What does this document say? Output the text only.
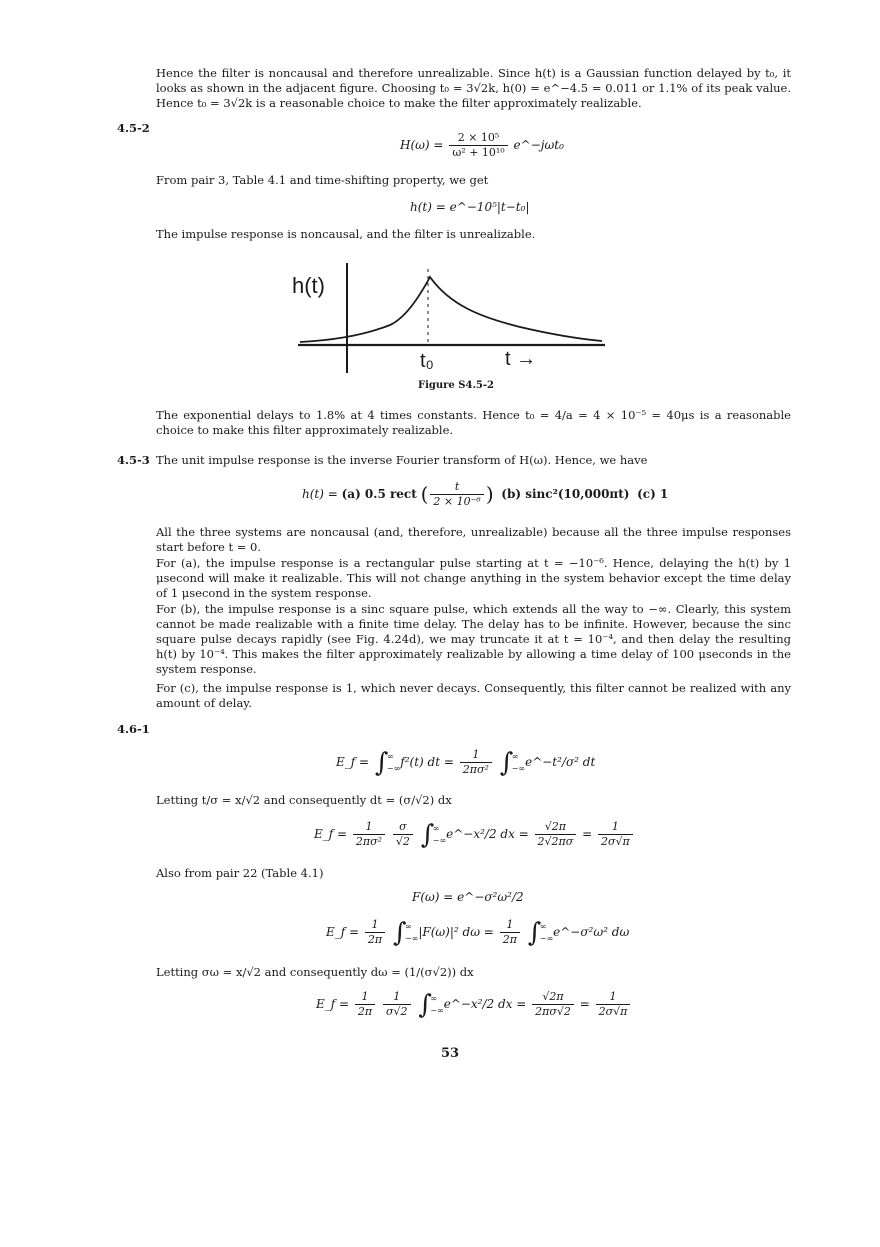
Hence the filter is noncausal and therefore unrealizable. Since h(t) is a Gaussian function delayed by t₀, it looks as shown in the adjacent figure. Choosing t₀ = 3√2k, h(0) = e^−4.5 = 0.011 or 1.1% of its peak value. Hence t₀ = 3√2k is a reasonable choice to make the filter approximately realizable.
4.5-2
$H(\omega) = \frac{\text{2 × 10⁵}}{\text{ω² + 10¹⁰}}$ e^−jωt₀
From pair 3, Table 4.1 and time-shifting property, we get
h(t) = e^−10⁵|t−t₀|
The impulse response is noncausal, and the filter is unrealizable.
h(t)
t₀	t →
Figure S4.5-2
The exponential delays to 1.8% at 4 times constants. Hence t₀ = 4/a = 4 × 10⁻⁵ = 40μs is a reasonable choice to make this filter approximately realizable.
4.5-3 The unit impulse response is the inverse Fourier transform of H(ω). Hence, we have
h(t) = (a) 0.5 rect ( $\frac{t}{\text{2 × 10⁻⁶}}$ ) (b) sinc²(10,000πt) (c) 1
All the three systems are noncausal (and, therefore, unrealizable) because all the three impulse responses start before t = 0.
For (a), the impulse response is a rectangular pulse starting at t = −10⁻⁶. Hence, delaying the h(t) by 1 μsecond will make it realizable. This will not change anything in the system behavior except the time delay of 1 μsecond in the system response.
For (b), the impulse response is a sinc square pulse, which extends all the way to −∞. Clearly, this system cannot be made realizable with a finite time delay. The delay has to be infinite. However, because the sinc square pulse decays rapidly (see Fig. 4.24d), we may truncate it at t = 10⁻⁴, and then delay the resulting h(t) by 10⁻⁴. This makes the filter approximately realizable by allowing a time delay of 100 μseconds in the system response.
For (c), the impulse response is 1, which never decays. Consequently, this filter cannot be realized with any amount of delay.
4.6-1
E_f = ∫
∞
−∞ f²(t) dt = $\frac{1}{\text{2πσ²}}$ ∫
∞
−∞ e^−t²/σ² dt
Letting t/σ = x/√2 and consequently dt = (σ/√2) dx
E_f = $\frac{1}{\text{2πσ²}}$
$\frac{\sigma}{√2}$ ∫
∞
−∞ e^−x²/2 dx = $\frac{√2\pi}{2√2\pi\sigma} = \frac{1}{2\sigma√\pi}$
Also from pair 22 (Table 4.1)
F(ω) = e^−σ²ω²/2
E_f = $\frac{1}{2\pi}$ ∫
∞
−∞ |F(ω)|² $d\omega = \frac{1}{2\pi}$ ∫
∞
−∞ e^−σ²ω² dω
Letting σω = x/√2 and consequently dω = (1/(σ√2)) dx
E_f = $\frac{1}{2\pi}$
$\frac{1}{\sigma√2}$ ∫
∞
−∞ e^−x²/2 dx = $\frac{√2\pi}{2\pi\sigma√2} = \frac{1}{2\sigma√\pi}$
53
